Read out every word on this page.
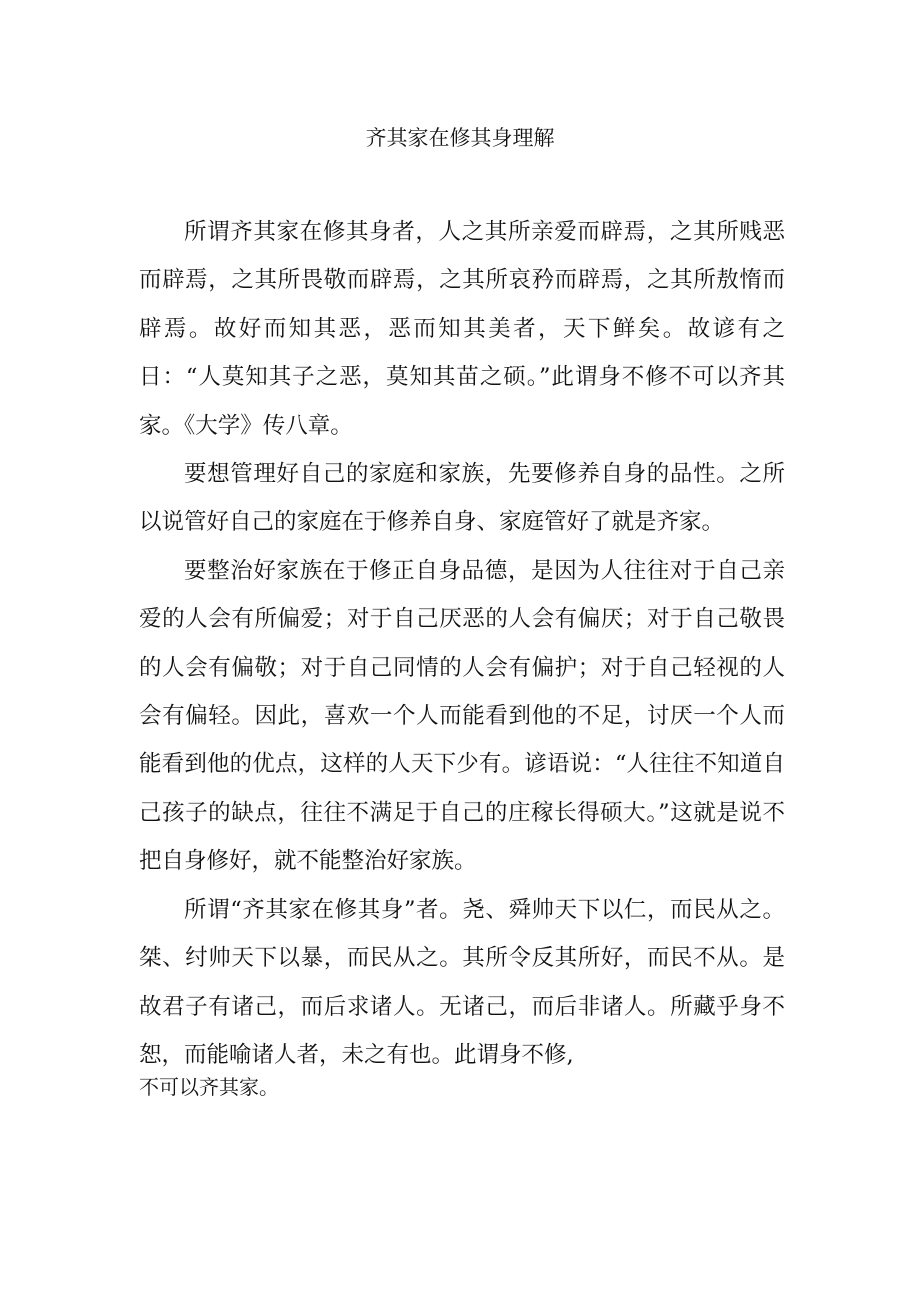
齐其家在修其身理解

所谓齐其家在修其身者，人之其所亲爱而辟焉，之其所贱恶而辟焉，之其所畏敬而辟焉，之其所哀矜而辟焉，之其所敖惰而辟焉。故好而知其恶，恶而知其美者，天下鲜矣。故谚有之日：“人莫知其子之恶，莫知其苗之硕。”此谓身不修不可以齐其家。《大学》传八章。

要想管理好自己的家庭和家族，先要修养自身的品性。之所以说管好自己的家庭在于修养自身、家庭管好了就是齐家。

要整治好家族在于修正自身品德，是因为人往往对于自己亲爱的人会有所偏爱；对于自己厌恶的人会有偏厌；对于自己敬畏的人会有偏敬；对于自己同情的人会有偏护；对于自己轻视的人会有偏轻。因此，喜欢一个人而能看到他的不足，讨厌一个人而能看到他的优点，这样的人天下少有。谚语说：“人往往不知道自己孩子的缺点，往往不满足于自己的庄稼长得硕大。”这就是说不把自身修好，就不能整治好家族。

所谓“齐其家在修其身”者。尧、舜帅天下以仁，而民从之。桀、纣帅天下以暴，而民从之。其所令反其所好，而民不从。是故君子有诸己，而后求诸人。无诸己，而后非诸人。所藏乎身不恕，而能喻诸人者，未之有也。此谓身不修,

不可以齐其家。
